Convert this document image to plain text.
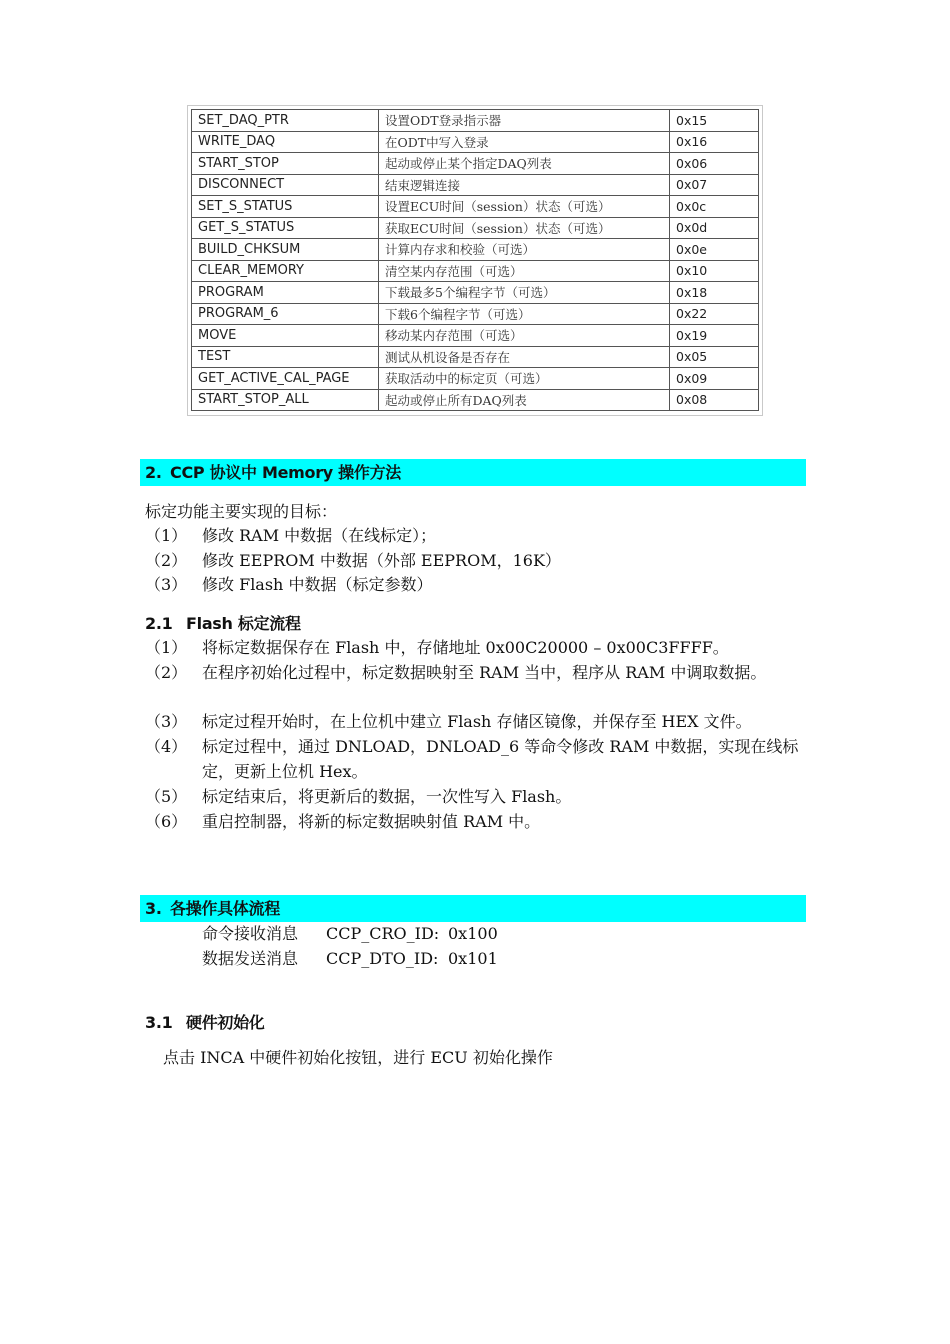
SET_DAQ_PTR	设置ODT登录指示器	0x15
WRITE_DAQ	在ODT中写入登录	0x16
START_STOP	起动或停止某个指定DAQ列表	0x06
DISCONNECT	结束逻辑连接	0x07
SET_S_STATUS	设置ECU时间（session）状态（可选）	0x0c
GET_S_STATUS	获取ECU时间（session）状态（可选）	0x0d
BUILD_CHKSUM	计算内存求和校验（可选）	0x0e
CLEAR_MEMORY	清空某内存范围（可选）	0x10
PROGRAM	下载最多5个编程字节（可选）	0x18
PROGRAM_6	下载6个编程字节（可选）	0x22
MOVE	移动某内存范围（可选）	0x19
TEST	测试从机设备是否存在	0x05
GET_ACTIVE_CAL_PAGE	获取活动中的标定页（可选）	0x09
START_STOP_ALL	起动或停止所有DAQ列表	0x08
2. CCP 协议中 Memory 操作方法
标定功能主要实现的目标：
（1） 修改 RAM 中数据（在线标定）；
（2） 修改 EEPROM 中数据（外部 EEPROM，16K）
（3） 修改 Flash 中数据（标定参数）
2.1 Flash 标定流程
（1） 将标定数据保存在 Flash 中，存储地址 0x00C20000 – 0x00C3FFFF。
（2） 在程序初始化过程中，标定数据映射至 RAM 当中，程序从 RAM 中调取数据。
（3） 标定过程开始时，在上位机中建立 Flash 存储区镜像，并保存至 HEX 文件。
（4） 标定过程中，通过 DNLOAD，DNLOAD_6 等命令修改 RAM 中数据，实现在线标定，更新上位机 Hex。
（5） 标定结束后，将更新后的数据，一次性写入 Flash。
（6） 重启控制器，将新的标定数据映射值 RAM 中。
3. 各操作具体流程
命令接收消息	CCP_CRO_ID: 0x100
数据发送消息	CCP_DTO_ID: 0x101
3.1 硬件初始化
点击 INCA 中硬件初始化按钮，进行 ECU 初始化操作
